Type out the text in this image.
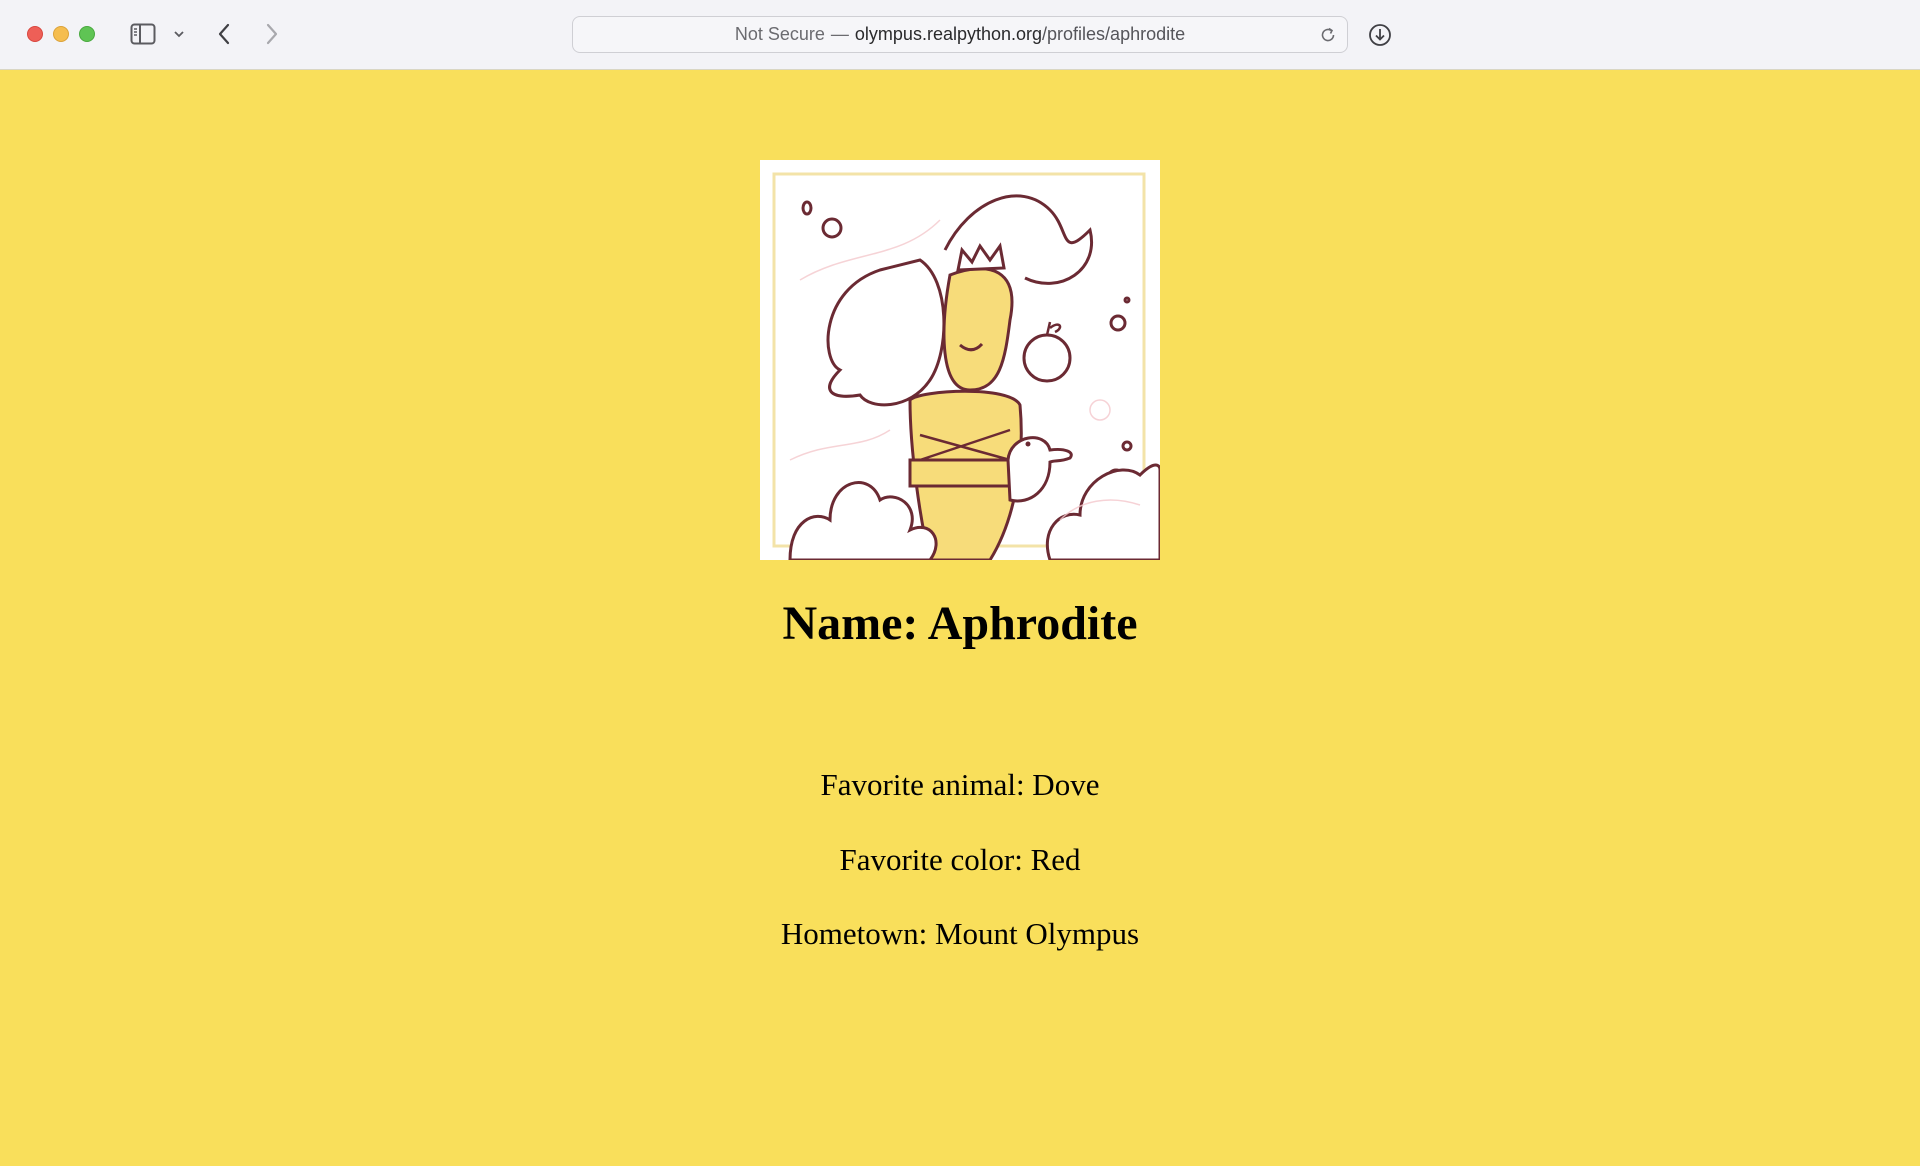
Not Secure — olympus.realpython.org /profiles/aphrodite
Name: Aphrodite
Favorite animal: Dove
Favorite color: Red
Hometown: Mount Olympus
